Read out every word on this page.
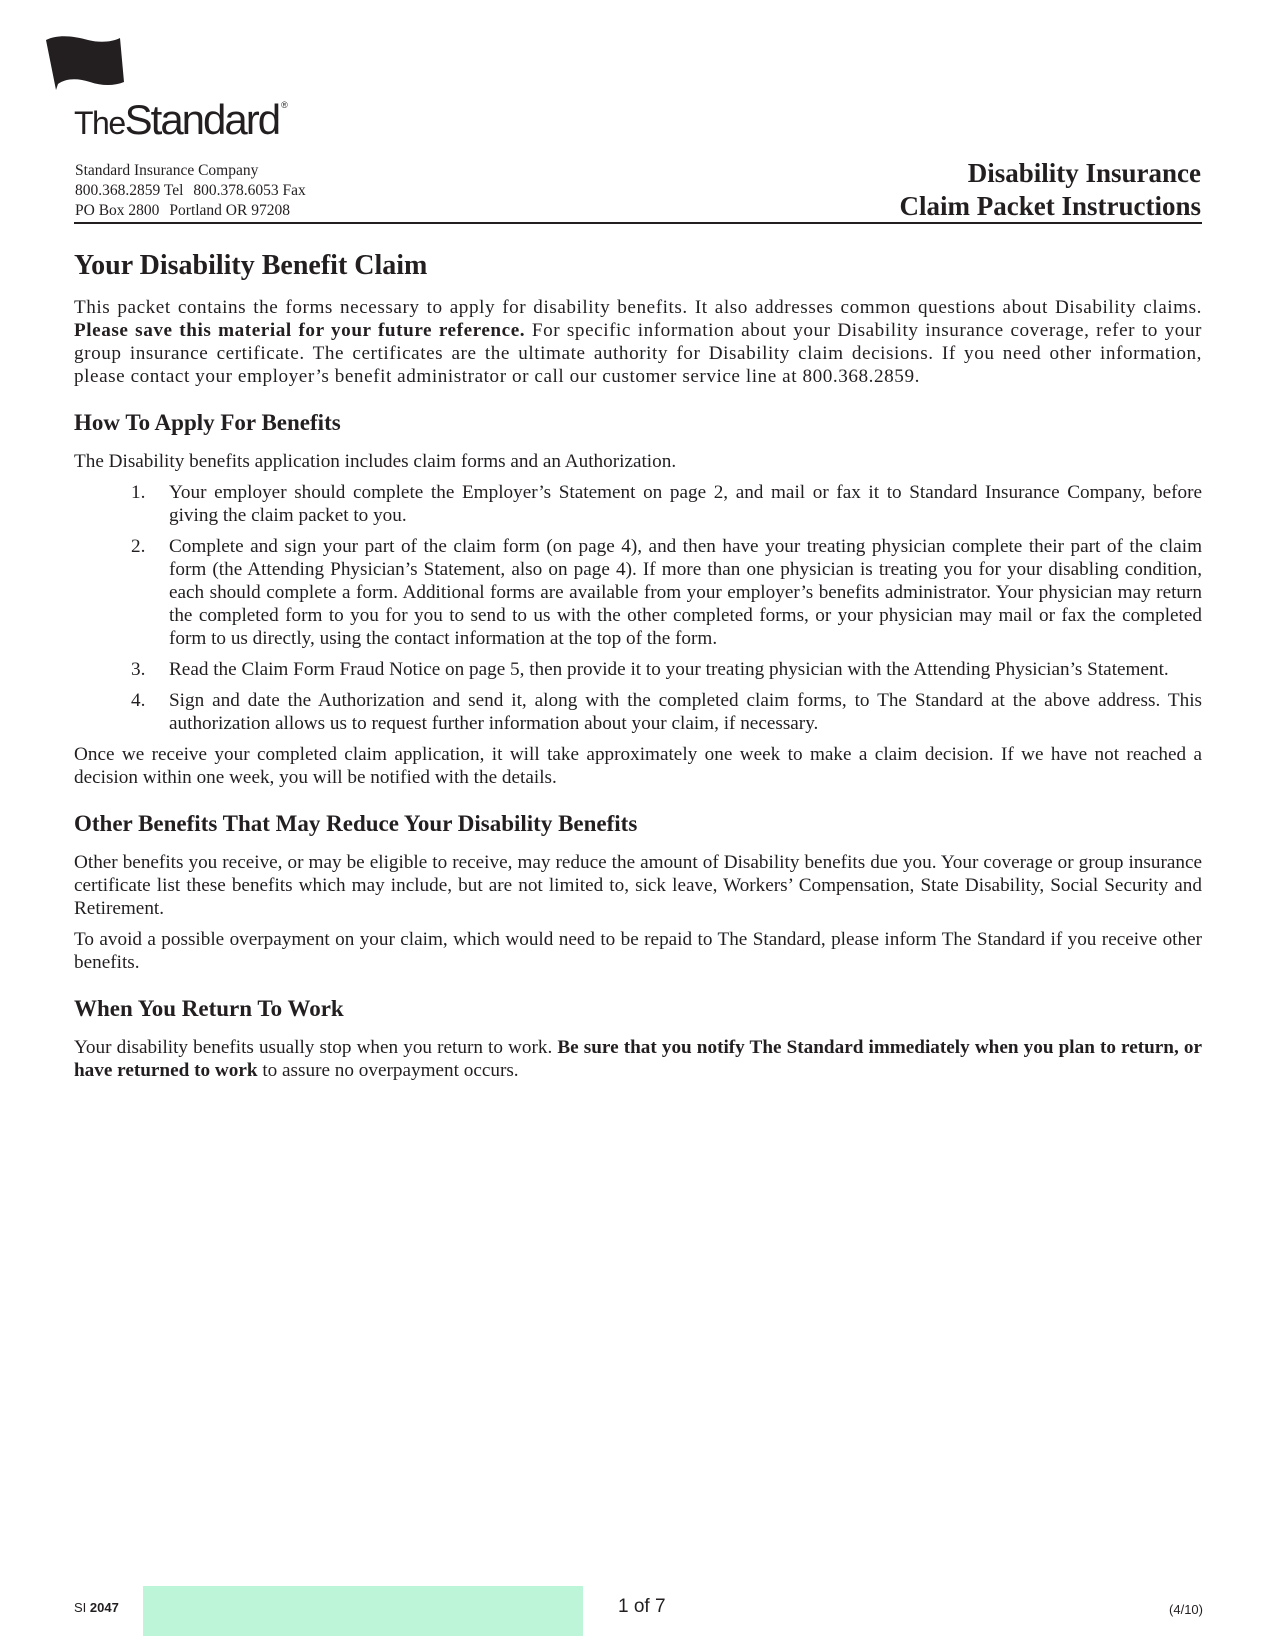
TheStandard ®
Standard Insurance Company
800.368.2859 Tel 800.378.6053 Fax
PO Box 2800 Portland OR 97208
Disability Insurance
Claim Packet Instructions
Your Disability Benefit Claim

This packet contains the forms necessary to apply for disability benefits. It also addresses common questions about Disability claims. Please save this material for your future reference. For specific information about your Disability insurance coverage, refer to your group insurance certificate. The certificates are the ultimate authority for Disability claim decisions. If you need other information, please contact your employer’s benefit administrator or call our customer service line at 800.368.2859.

How To Apply For Benefits

The Disability benefits application includes claim forms and an Authorization.

1. Your employer should complete the Employer’s Statement on page 2, and mail or fax it to Standard Insurance Company, before giving the claim packet to you.
2. Complete and sign your part of the claim form (on page 4), and then have your treating physician complete their part of the claim form (the Attending Physician’s Statement, also on page 4). If more than one physician is treating you for your disabling condition, each should complete a form. Additional forms are available from your employer’s benefits administrator. Your physician may return the completed form to you for you to send to us with the other completed forms, or your physician may mail or fax the completed form to us directly, using the contact information at the top of the form.
3. Read the Claim Form Fraud Notice on page 5, then provide it to your treating physician with the Attending Physician’s Statement.
4. Sign and date the Authorization and send it, along with the completed claim forms, to The Standard at the above address. This authorization allows us to request further information about your claim, if necessary.

Once we receive your completed claim application, it will take approximately one week to make a claim decision. If we have not reached a decision within one week, you will be notified with the details.

Other Benefits That May Reduce Your Disability Benefits

Other benefits you receive, or may be eligible to receive, may reduce the amount of Disability benefits due you. Your coverage or group insurance certificate list these benefits which may include, but are not limited to, sick leave, Workers’ Compensation, State Disability, Social Security and Retirement.

To avoid a possible overpayment on your claim, which would need to be repaid to The Standard, please inform The Standard if you receive other benefits.

When You Return To Work

Your disability benefits usually stop when you return to work. Be sure that you notify The Standard immediately when you plan to return, or have returned to work to assure no overpayment occurs.

SI 2047	1 of 7	(4/10)
